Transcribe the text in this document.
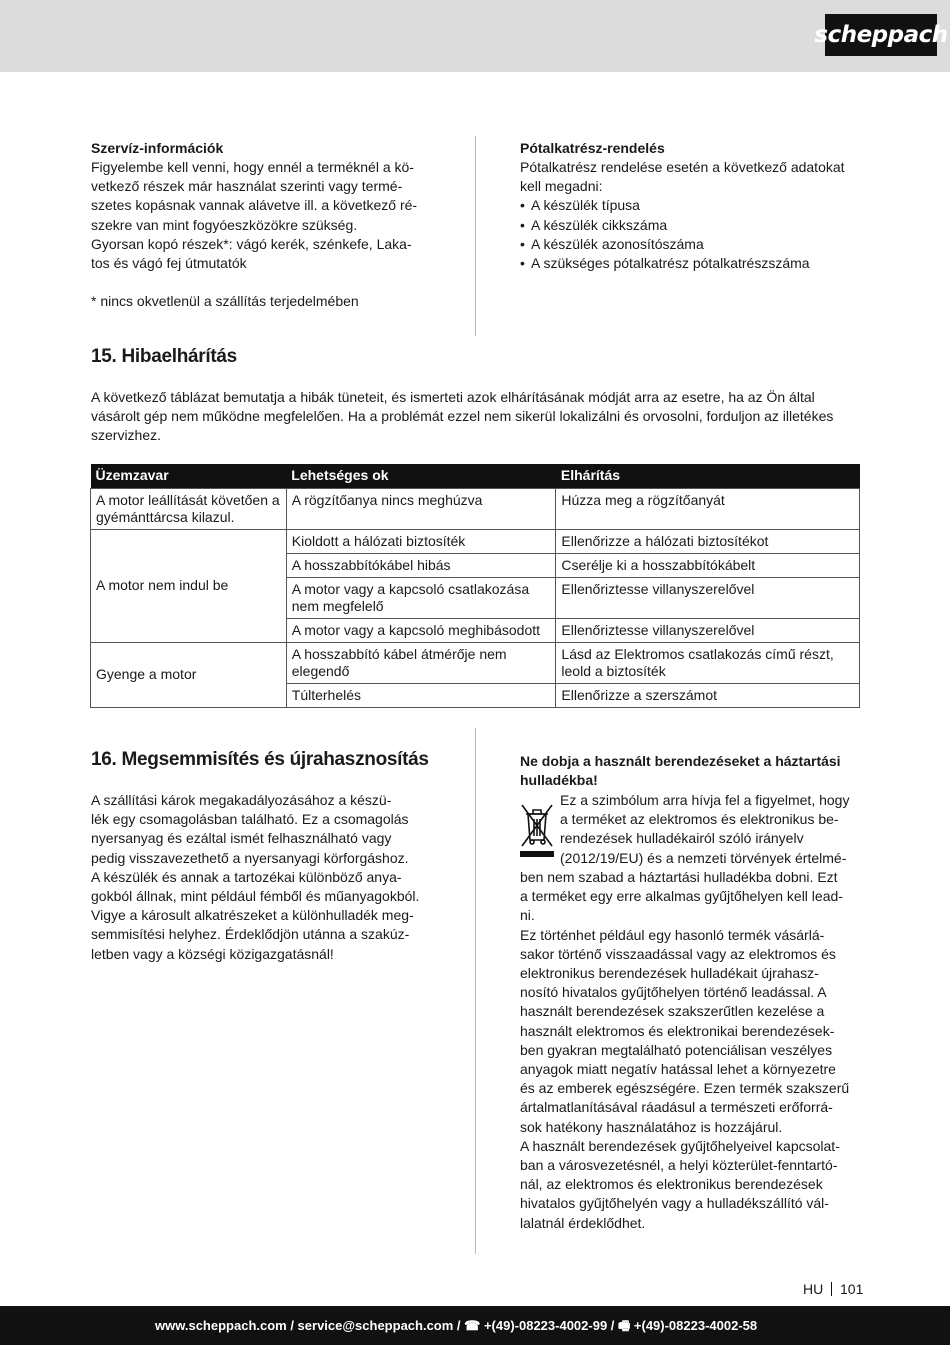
scheppach
Szervíz-információk
Figyelembe kell venni, hogy ennél a terméknél a kö-
vetkező részek már használat szerinti vagy termé-
szetes kopásnak vannak alávetve ill. a következő ré-
szekre van mint fogyóeszközökre szükség.
Gyorsan kopó részek*: vágó kerék, szénkefe, Laka-
tos és vágó fej útmutatók
* nincs okvetlenül a szállítás terjedelmében
Pótalkatrész-rendelés
Pótalkatrész rendelése esetén a következő adatokat
kell megadni:
• A készülék típusa
• A készülék cikkszáma
• A készülék azonosítószáma
• A szükséges pótalkatrész pótalkatrészszáma
15. Hibaelhárítás
A következő táblázat bemutatja a hibák tüneteit, és ismerteti azok elhárításának módját arra az esetre, ha az Ön által
vásárolt gép nem működne megfelelően. Ha a problémát ezzel nem sikerül lokalizálni és orvosolni, forduljon az illetékes
szervizhez.
Üzemzavar	Lehetséges ok	Elhárítás
A motor leállítását követően a gyémánttárcsa kilazul.	A rögzítőanya nincs meghúzva	Húzza meg a rögzítőanyát
A motor nem indul be	Kioldott a hálózati biztosíték	Ellenőrizze a hálózati biztosítékot
	A hosszabbítókábel hibás	Cserélje ki a hosszabbítókábelt
	A motor vagy a kapcsoló csatlakozása nem megfelelő	Ellenőriztesse villanyszerelővel
	A motor vagy a kapcsoló meghibásodott	Ellenőriztesse villanyszerelővel
Gyenge a motor	A hosszabbító kábel átmérője nem elegendő	Lásd az Elektromos csatlakozás című részt, leold a biztosíték
	Túlterhelés	Ellenőrizze a szerszámot
16. Megsemmisítés és újrahasznosítás
A szállítási károk megakadályozásához a készü-
lék egy csomagolásban található. Ez a csomagolás
nyersanyag és ezáltal ismét felhasználható vagy
pedig visszavezethető a nyersanyagi körforgáshoz.
A készülék és annak a tartozékai különböző anya-
gokból állnak, mint például fémből és műanyagokból.
Vigye a károsult alkatrészeket a különhulladék meg-
semmisítési helyhez. Érdeklődjön utánna a szakúz-
letben vagy a községi közigazgatásnál!
Ne dobja a használt berendezéseket a háztartási
hulladékba!
Ez a szimbólum arra hívja fel a figyelmet, hogy
a terméket az elektromos és elektronikus be-
rendezések hulladékairól szóló irányelv
(2012/19/EU) és a nemzeti törvények értelmé-
ben nem szabad a háztartási hulladékba dobni. Ezt
a terméket egy erre alkalmas gyűjtőhelyen kell lead-
ni.
Ez történhet például egy hasonló termék vásárlá-
sakor történő visszaadással vagy az elektromos és
elektronikus berendezések hulladékait újrahasz-
nosító hivatalos gyűjtőhelyen történő leadással. A
használt berendezések szakszerűtlen kezelése a
használt elektromos és elektronikai berendezések-
ben gyakran megtalálható potenciálisan veszélyes
anyagok miatt negatív hatással lehet a környezetre
és az emberek egészségére. Ezen termék szakszerű
ártalmatlanításával ráadásul a természeti erőforrá-
sok hatékony használatához is hozzájárul.
A használt berendezések gyűjtőhelyeivel kapcsolat-
ban a városvezetésnél, a helyi közterület-fenntartó-
nál, az elektromos és elektronikus berendezések
hivatalos gyűjtőhelyén vagy a hulladékszállító vál-
lalatnál érdeklődhet.
HU 101
www.scheppach.com / service@scheppach.com / ☎ +(49)-08223-4002-99 / 🖷 +(49)-08223-4002-58
